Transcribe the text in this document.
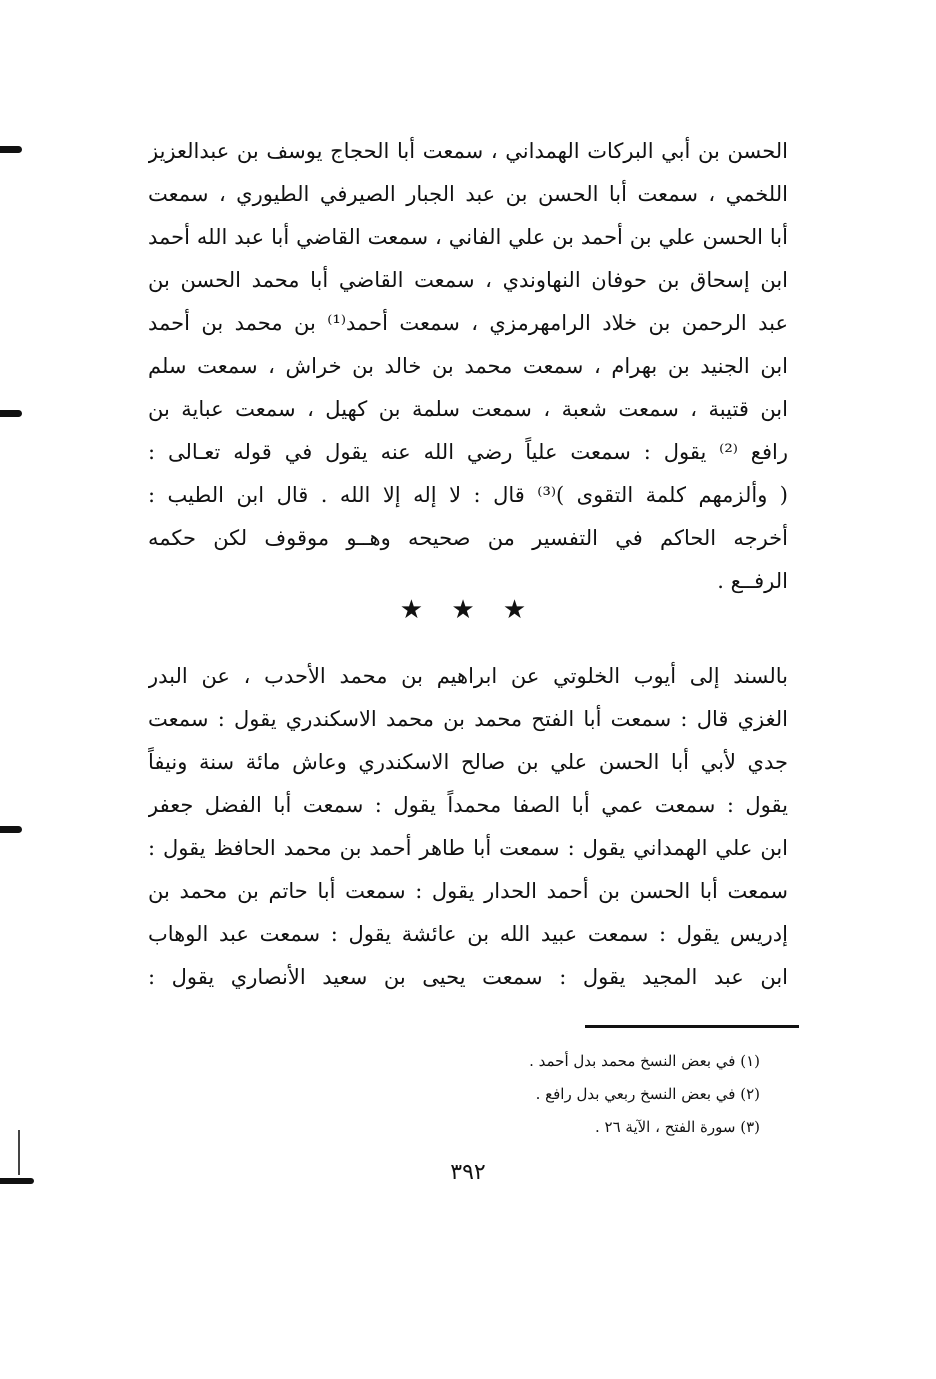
الحسن بن أبي البركات الهمداني ، سمعت أبا الحجاج يوسف بن عبدالعزيز
اللخمي ، سمعت أبا الحسن بن عبد الجبار الصيرفي الطيوري ، سمعت
أبا الحسن علي بن أحمد بن علي الفاني ، سمعت القاضي أبا عبد الله أحمد
ابن إسحاق بن حوفان النهاوندي ، سمعت القاضي أبا محمد الحسن بن
عبد الرحمن بن خلاد الرامهرمزي ، سمعت أحمد⁽¹⁾ بن محمد بن أحمد
ابن الجنيد بن بهرام ، سمعت محمد بن خالد بن خراش ، سمعت سلم
ابن قتيبة ، سمعت شعبة ، سمعت سلمة بن كهيل ، سمعت عباية بن
رافع ⁽²⁾ يقول : سمعت علياً رضي الله عنه يقول في قوله تعـالى :
( وألزمهم كلمة التقوى )⁽³⁾ قال : لا إله إلا الله . قال ابن الطيب :
أخرجه الحاكم في التفسير من صحيحه وهــو موقوف لكن حكمه
الرفــع .
★ ★ ★
بالسند إلى أيوب الخلوتي عن ابراهيم بن محمد الأحدب ، عن البدر
الغزي قال : سمعت أبا الفتح محمد بن محمد الاسكندري يقول : سمعت
جدي لأبي أبا الحسن علي بن صالح الاسكندري وعاش مائة سنة ونيفاً
يقول : سمعت عمي أبا الصفا محمداً يقول : سمعت أبا الفضل جعفر
ابن علي الهمداني يقول : سمعت أبا طاهر أحمد بن محمد الحافظ يقول :
سمعت أبا الحسن بن أحمد الحدار يقول : سمعت أبا حاتم بن محمد بن
إدريس يقول : سمعت عبيد الله بن عائشة يقول : سمعت عبد الوهاب
ابن عبد المجيد يقول : سمعت يحيى بن سعيد الأنصاري يقول :
(١) في بعض النسخ محمد بدل أحمد .
(٢) في بعض النسخ ربعي بدل رافع .
(٣) سورة الفتح ، الآية ٢٦ .
٣٩٢
